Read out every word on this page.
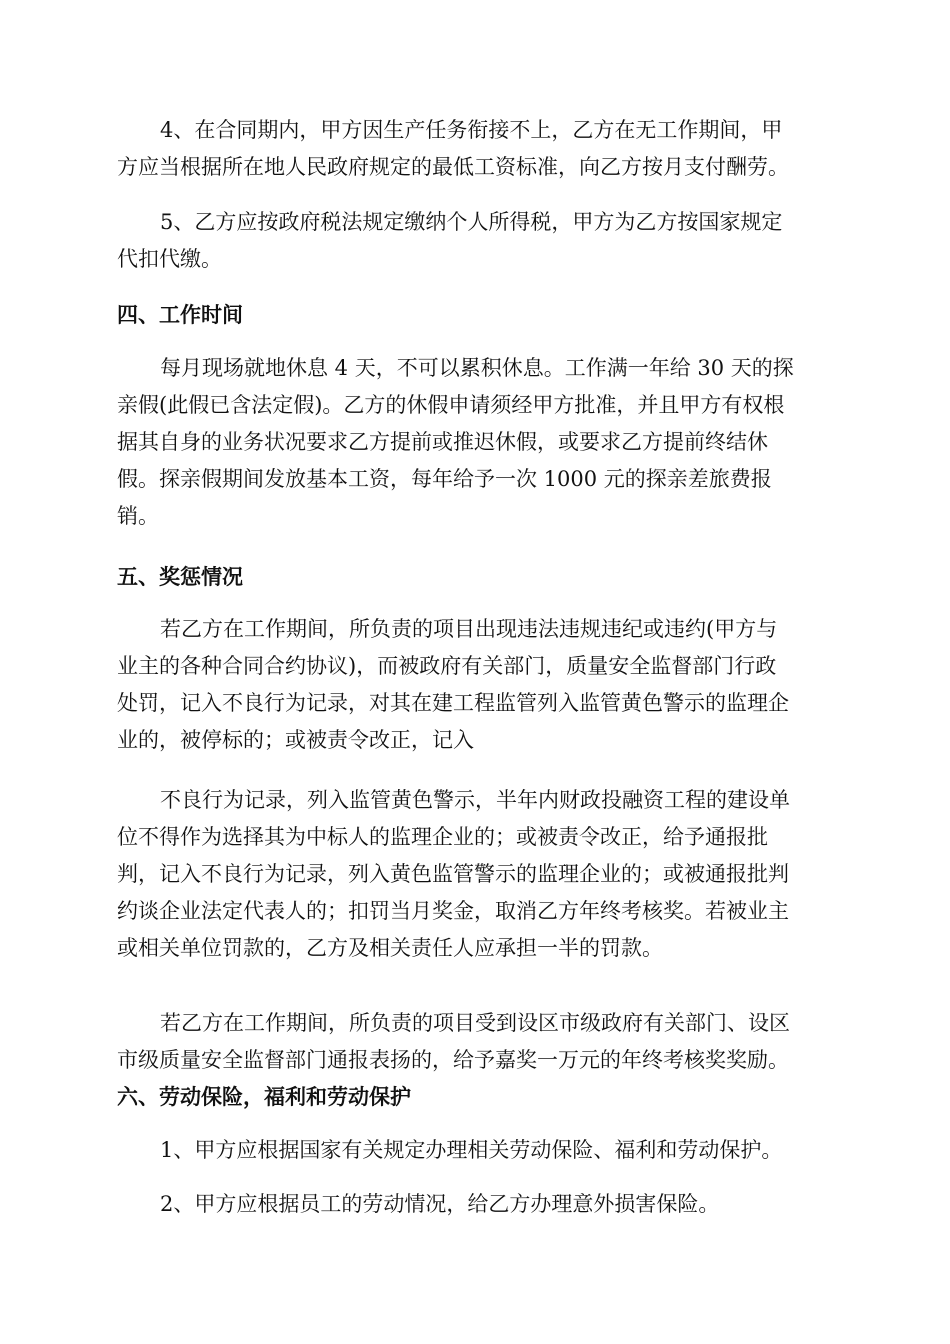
4、在合同期内，甲方因生产任务衔接不上，乙方在无工作期间，甲
方应当根据所在地人民政府规定的最低工资标准，向乙方按月支付酬劳。

5、乙方应按政府税法规定缴纳个人所得税，甲方为乙方按国家规定
代扣代缴。

四、工作时间

每月现场就地休息 4 天，不可以累积休息。工作满一年给 30 天的探
亲假(此假已含法定假)。乙方的休假申请须经甲方批准，并且甲方有权根
据其自身的业务状况要求乙方提前或推迟休假，或要求乙方提前终结休
假。探亲假期间发放基本工资，每年给予一次 1000 元的探亲差旅费报
销。

五、奖惩情况

若乙方在工作期间，所负责的项目出现违法违规违纪或违约(甲方与
业主的各种合同合约协议)，而被政府有关部门，质量安全监督部门行政
处罚，记入不良行为记录，对其在建工程监管列入监管黄色警示的监理企
业的，被停标的；或被责令改正，记入

不良行为记录，列入监管黄色警示，半年内财政投融资工程的建设单
位不得作为选择其为中标人的监理企业的；或被责令改正，给予通报批
判，记入不良行为记录，列入黄色监管警示的监理企业的；或被通报批判
约谈企业法定代表人的；扣罚当月奖金，取消乙方年终考核奖。若被业主
或相关单位罚款的，乙方及相关责任人应承担一半的罚款。

若乙方在工作期间，所负责的项目受到设区市级政府有关部门、设区
市级质量安全监督部门通报表扬的，给予嘉奖一万元的年终考核奖奖励。

六、劳动保险，福利和劳动保护

1、甲方应根据国家有关规定办理相关劳动保险、福利和劳动保护。

2、甲方应根据员工的劳动情况，给乙方办理意外损害保险。
